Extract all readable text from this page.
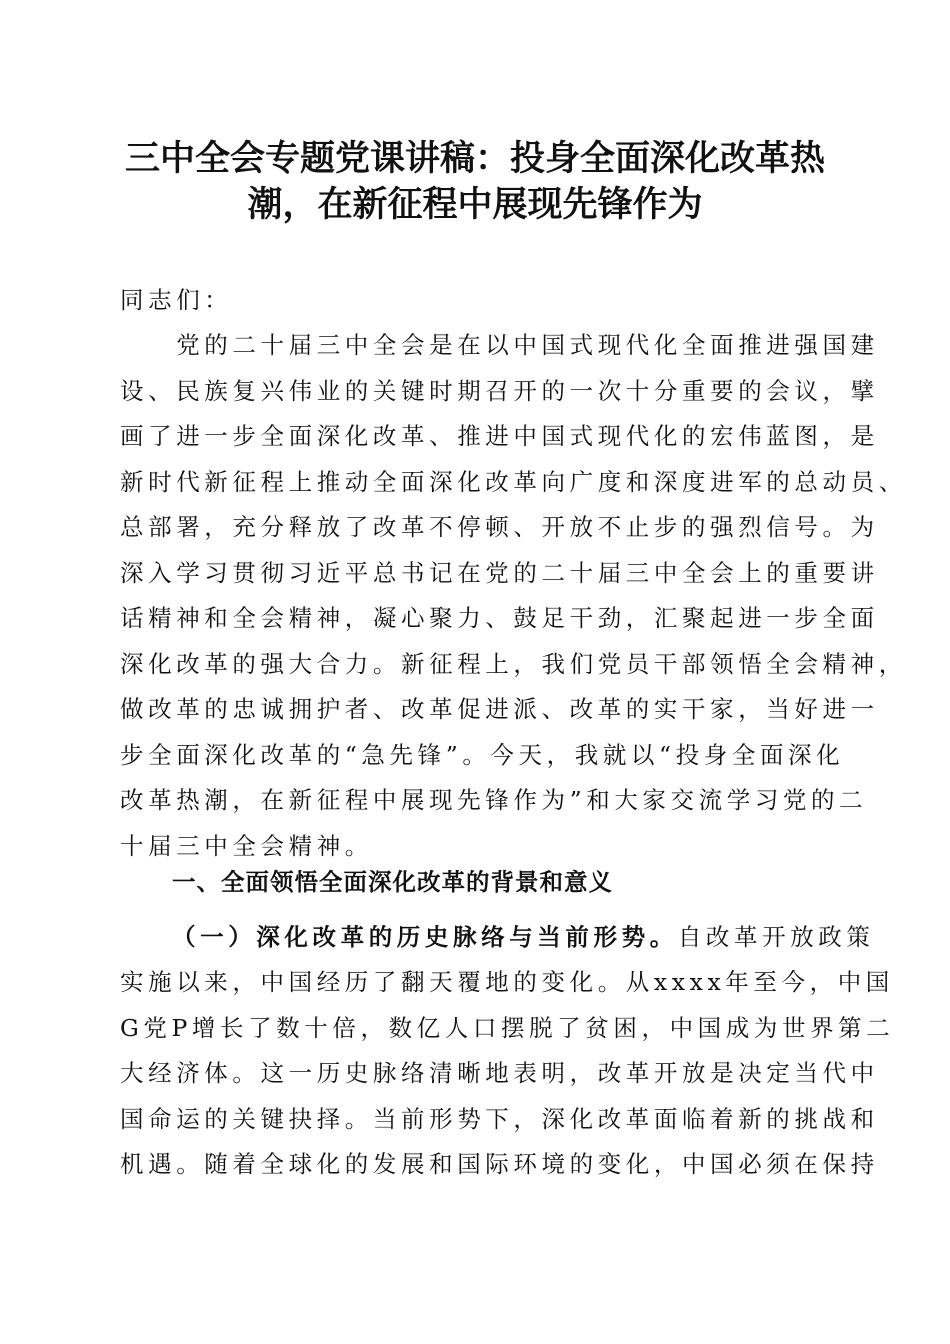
三中全会专题党课讲稿：投身全面深化改革热
潮，在新征程中展现先锋作为

同志们：

　　党的二十届三中全会是在以中国式现代化全面推进强国建

设、民族复兴伟业的关键时期召开的一次十分重要的会议，擘

画了进一步全面深化改革、推进中国式现代化的宏伟蓝图，是

新时代新征程上推动全面深化改革向广度和深度进军的总动员、

总部署，充分释放了改革不停顿、开放不止步的强烈信号。为

深入学习贯彻习近平总书记在党的二十届三中全会上的重要讲

话精神和全会精神，凝心聚力、鼓足干劲，汇聚起进一步全面

深化改革的强大合力。新征程上，我们党员干部领悟全会精神，

做改革的忠诚拥护者、改革促进派、改革的实干家，当好进一

步全面深化改革的“急先锋”。今天，我就以“投身全面深化

改革热潮，在新征程中展现先锋作为”和大家交流学习党的二

十届三中全会精神。

一、全面领悟全面深化改革的背景和意义

（一）深化改革的历史脉络与当前形势。自改革开放政策

实施以来，中国经历了翻天覆地的变化。从xxxx年至今，中国

G党P增长了数十倍，数亿人口摆脱了贫困，中国成为世界第二

大经济体。这一历史脉络清晰地表明，改革开放是决定当代中

国命运的关键抉择。当前形势下，深化改革面临着新的挑战和

机遇。随着全球化的发展和国际环境的变化，中国必须在保持
